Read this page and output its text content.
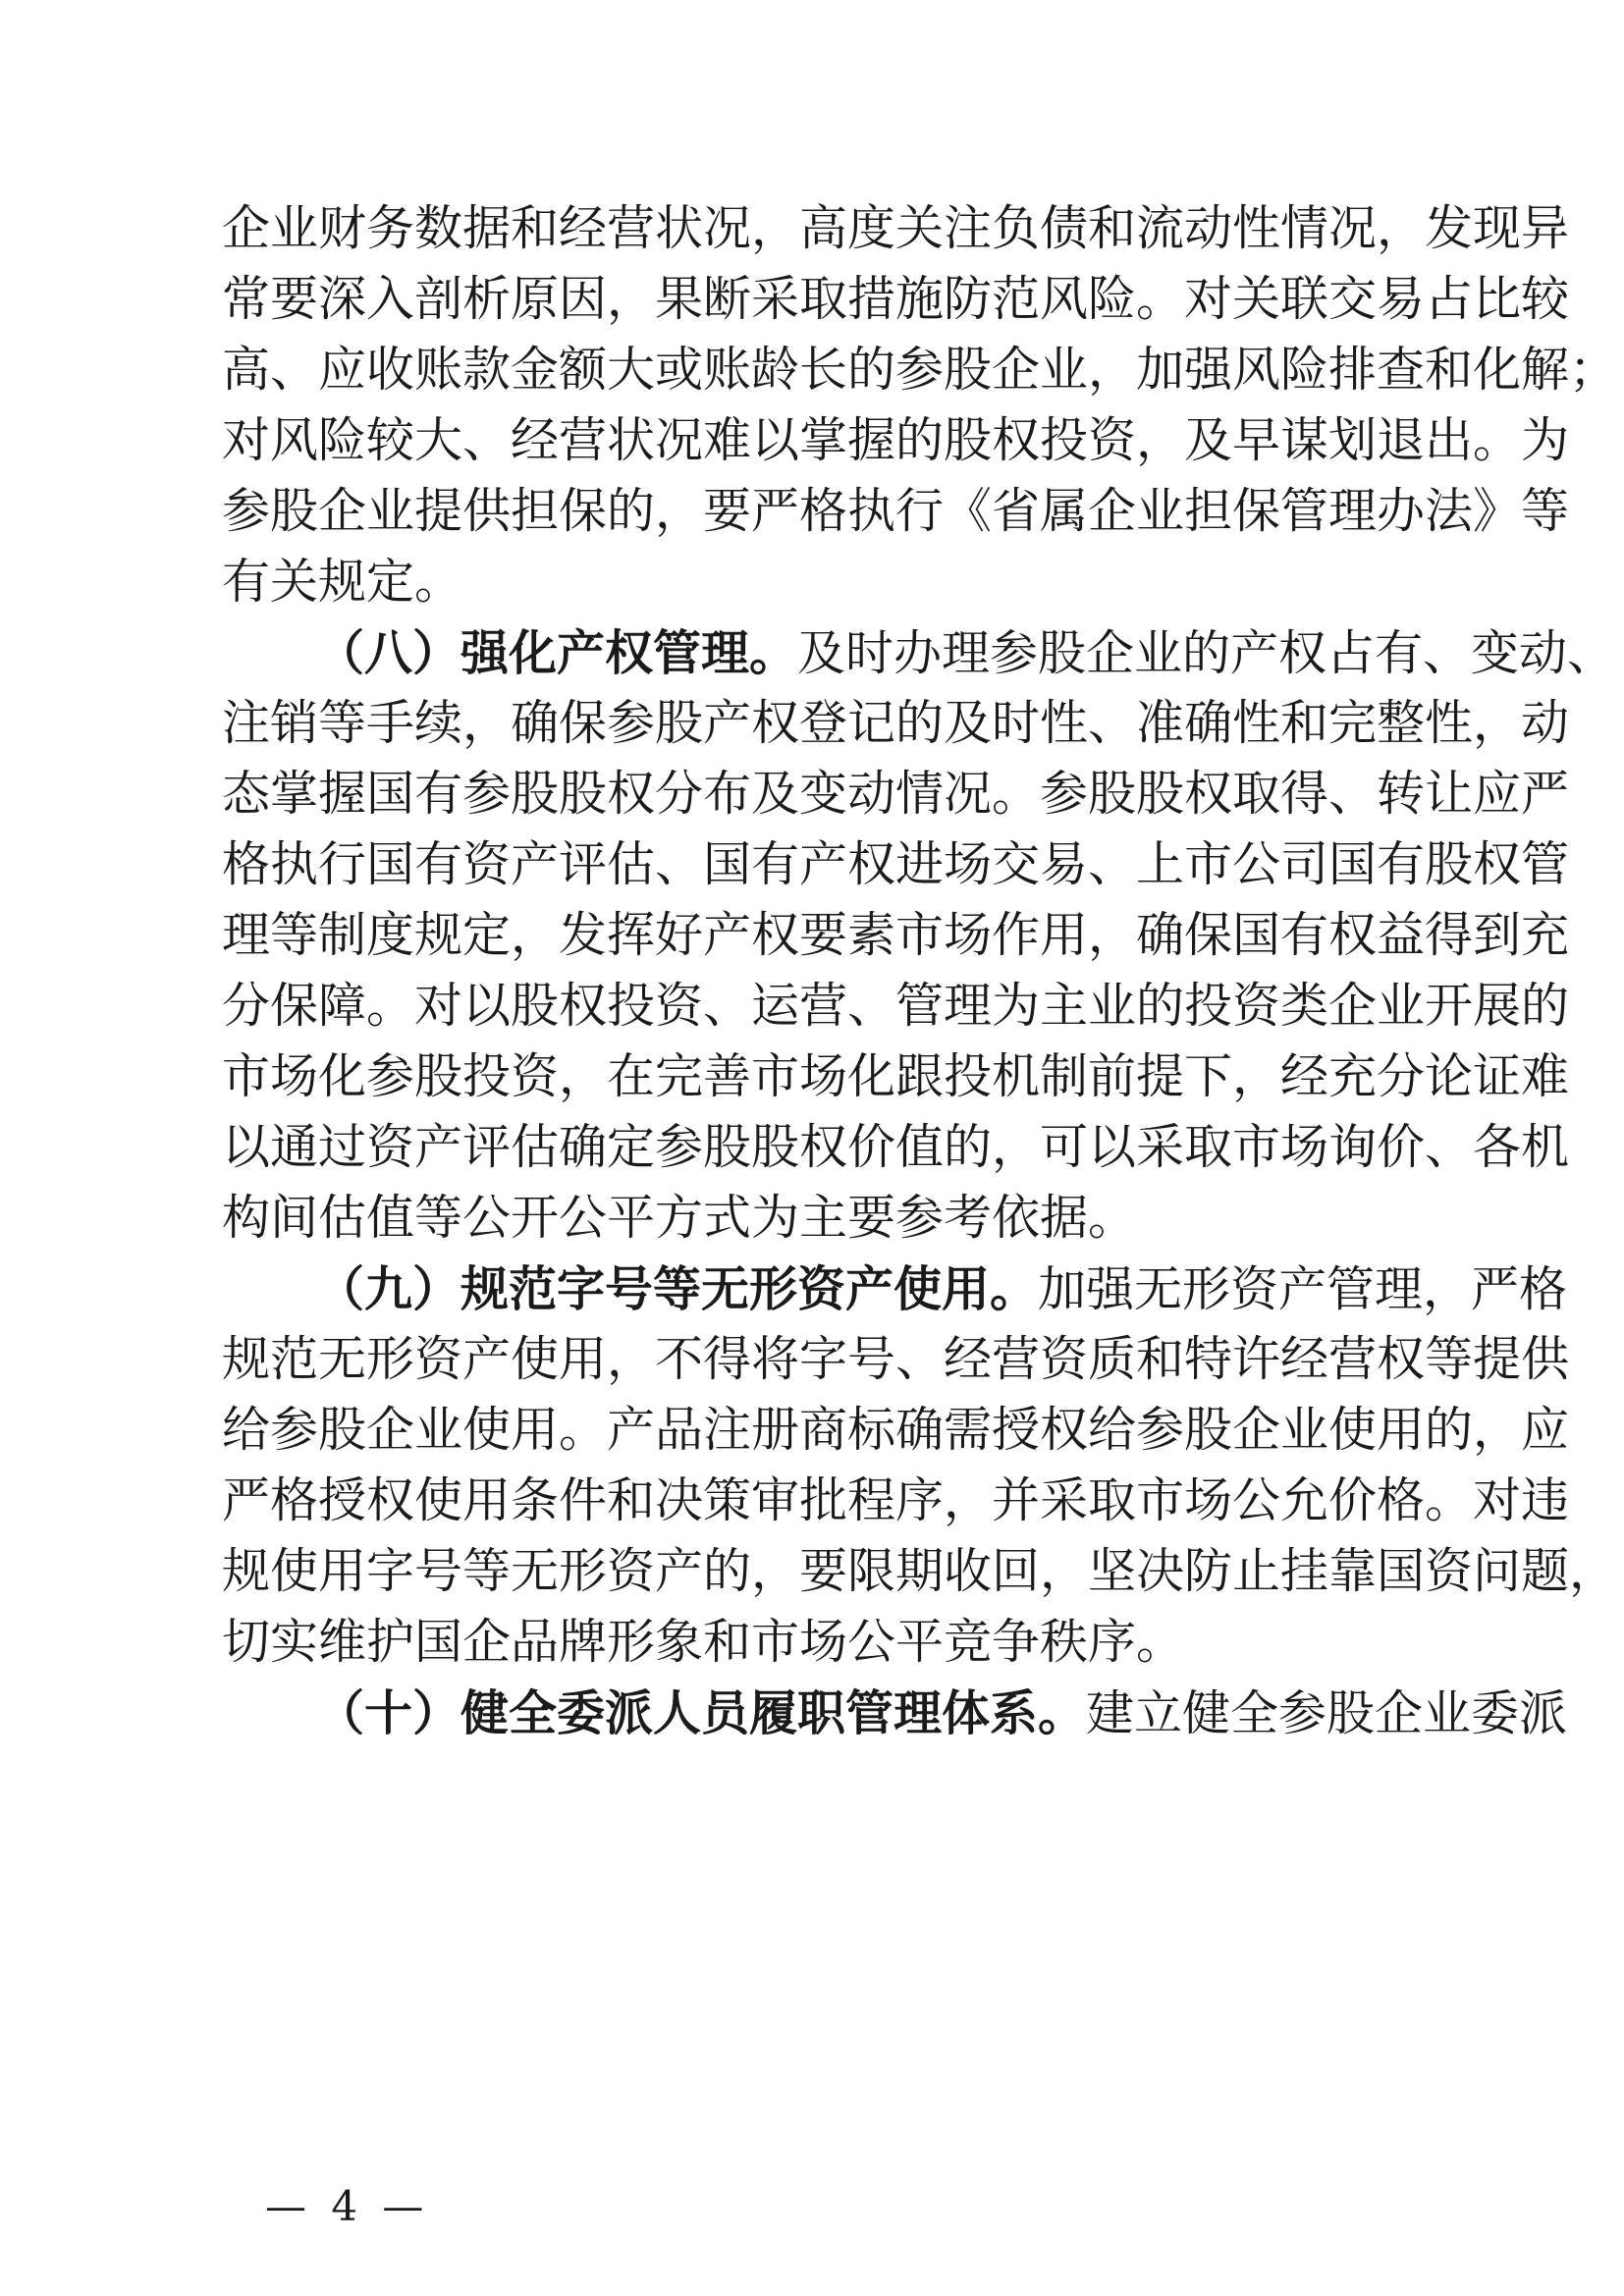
企业财务数据和经营状况，高度关注负债和流动性情况，发现异
常要深入剖析原因，果断采取措施防范风险。对关联交易占比较
高、应收账款金额大或账龄长的参股企业，加强风险排查和化解；
对风险较大、经营状况难以掌握的股权投资，及早谋划退出。为
参股企业提供担保的，要严格执行《省属企业担保管理办法》等
有关规定。
（八）强化产权管理。及时办理参股企业的产权占有、变动、
注销等手续，确保参股产权登记的及时性、准确性和完整性，动
态掌握国有参股股权分布及变动情况。参股股权取得、转让应严
格执行国有资产评估、国有产权进场交易、上市公司国有股权管
理等制度规定，发挥好产权要素市场作用，确保国有权益得到充
分保障。对以股权投资、运营、管理为主业的投资类企业开展的
市场化参股投资，在完善市场化跟投机制前提下，经充分论证难
以通过资产评估确定参股股权价值的，可以采取市场询价、各机
构间估值等公开公平方式为主要参考依据。
（九）规范字号等无形资产使用。加强无形资产管理，严格
规范无形资产使用，不得将字号、经营资质和特许经营权等提供
给参股企业使用。产品注册商标确需授权给参股企业使用的，应
严格授权使用条件和决策审批程序，并采取市场公允价格。对违
规使用字号等无形资产的，要限期收回，坚决防止挂靠国资问题，
切实维护国企品牌形象和市场公平竞争秩序。
（十）健全委派人员履职管理体系。建立健全参股企业委派
— 4 —
